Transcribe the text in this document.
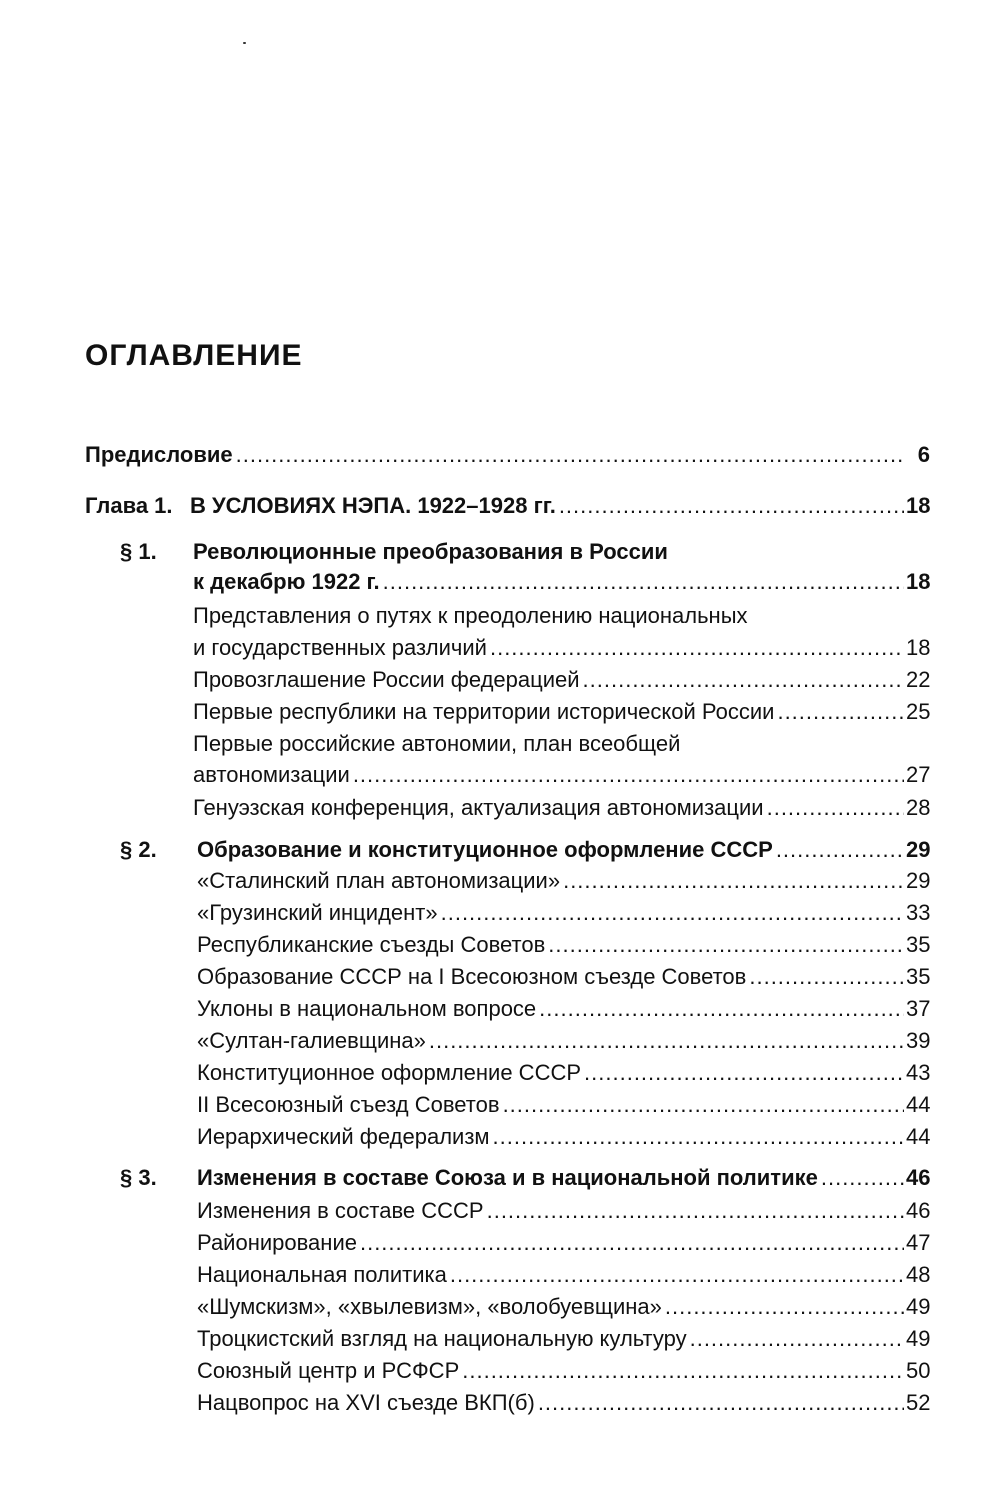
ОГЛАВЛЕНИЕ
Предисловие .....	6
Глава 1. В УСЛОВИЯХ НЭПА. 1922–1928 гг. .....	18
§ 1. Революционные преобразования в России
к декабрю 1922 г. .....	18
Представления о путях к преодолению национальных
и государственных различий .....	18
Провозглашение России федерацией .....	22
Первые республики на территории исторической России .....	25
Первые российские автономии, план всеобщей
автономизации .....	27
Генуэзская конференция, актуализация автономизации .....	28
§ 2. Образование и конституционное оформление СССР .....	29
«Сталинский план автономизации» .....	29
«Грузинский инцидент» .....	33
Республиканские съезды Советов .....	35
Образование СССР на I Всесоюзном съезде Советов .....	35
Уклоны в национальном вопросе .....	37
«Султан-галиевщина» .....	39
Конституционное оформление СССР .....	43
II Всесоюзный съезд Советов .....	44
Иерархический федерализм .....	44
§ 3. Изменения в составе Союза и в национальной политике .....	46
Изменения в составе СССР .....	46
Районирование .....	47
Национальная политика .....	48
«Шумскизм», «хвылевизм», «волобуевщина» .....	49
Троцкистский взгляд на национальную культуру .....	49
Союзный центр и РСФСР .....	50
Нацвопрос на XVI съезде ВКП(б) .....	52
